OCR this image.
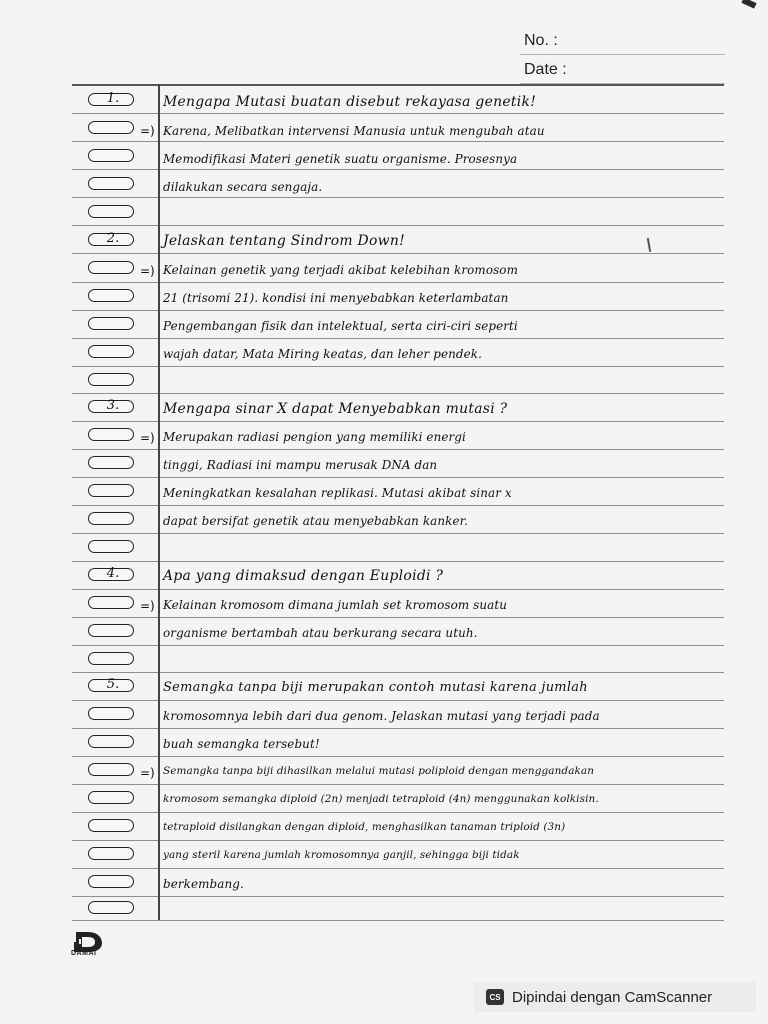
No. :
Date :
1.
2.
3.
4.
5.
=)
=)
=)
=)
=)
Mengapa Mutasi buatan disebut rekayasa genetik!
Karena, Melibatkan intervensi Manusia untuk mengubah atau
Memodifikasi Materi genetik suatu organisme. Prosesnya
dilakukan secara sengaja.
Jelaskan tentang Sindrom Down!
Kelainan genetik yang terjadi akibat kelebihan kromosom
21 (trisomi 21). kondisi ini menyebabkan keterlambatan
Pengembangan fisik dan intelektual, serta ciri-ciri seperti
wajah datar, Mata Miring keatas, dan leher pendek.
Mengapa sinar X dapat Menyebabkan mutasi ?
Merupakan radiasi pengion yang memiliki energi
tinggi, Radiasi ini mampu merusak DNA dan
Meningkatkan kesalahan replikasi. Mutasi akibat sinar x
dapat bersifat genetik atau menyebabkan kanker.
Apa yang dimaksud dengan Euploidi ?
Kelainan kromosom dimana jumlah set kromosom suatu
organisme bertambah atau berkurang secara utuh.
Semangka tanpa biji merupakan contoh mutasi karena jumlah
kromosomnya lebih dari dua genom. Jelaskan mutasi yang terjadi pada
buah semangka tersebut!
Semangka tanpa biji dihasilkan melalui mutasi poliploid dengan menggandakan
kromosom semangka diploid (2n) menjadi tetraploid (4n) menggunakan kolkisin.
tetraploid disilangkan dengan diploid, menghasilkan tanaman triploid (3n)
yang steril karena jumlah kromosomnya ganjil, sehingga biji tidak
berkembang.
DAMAI
CS Dipindai dengan CamScanner
